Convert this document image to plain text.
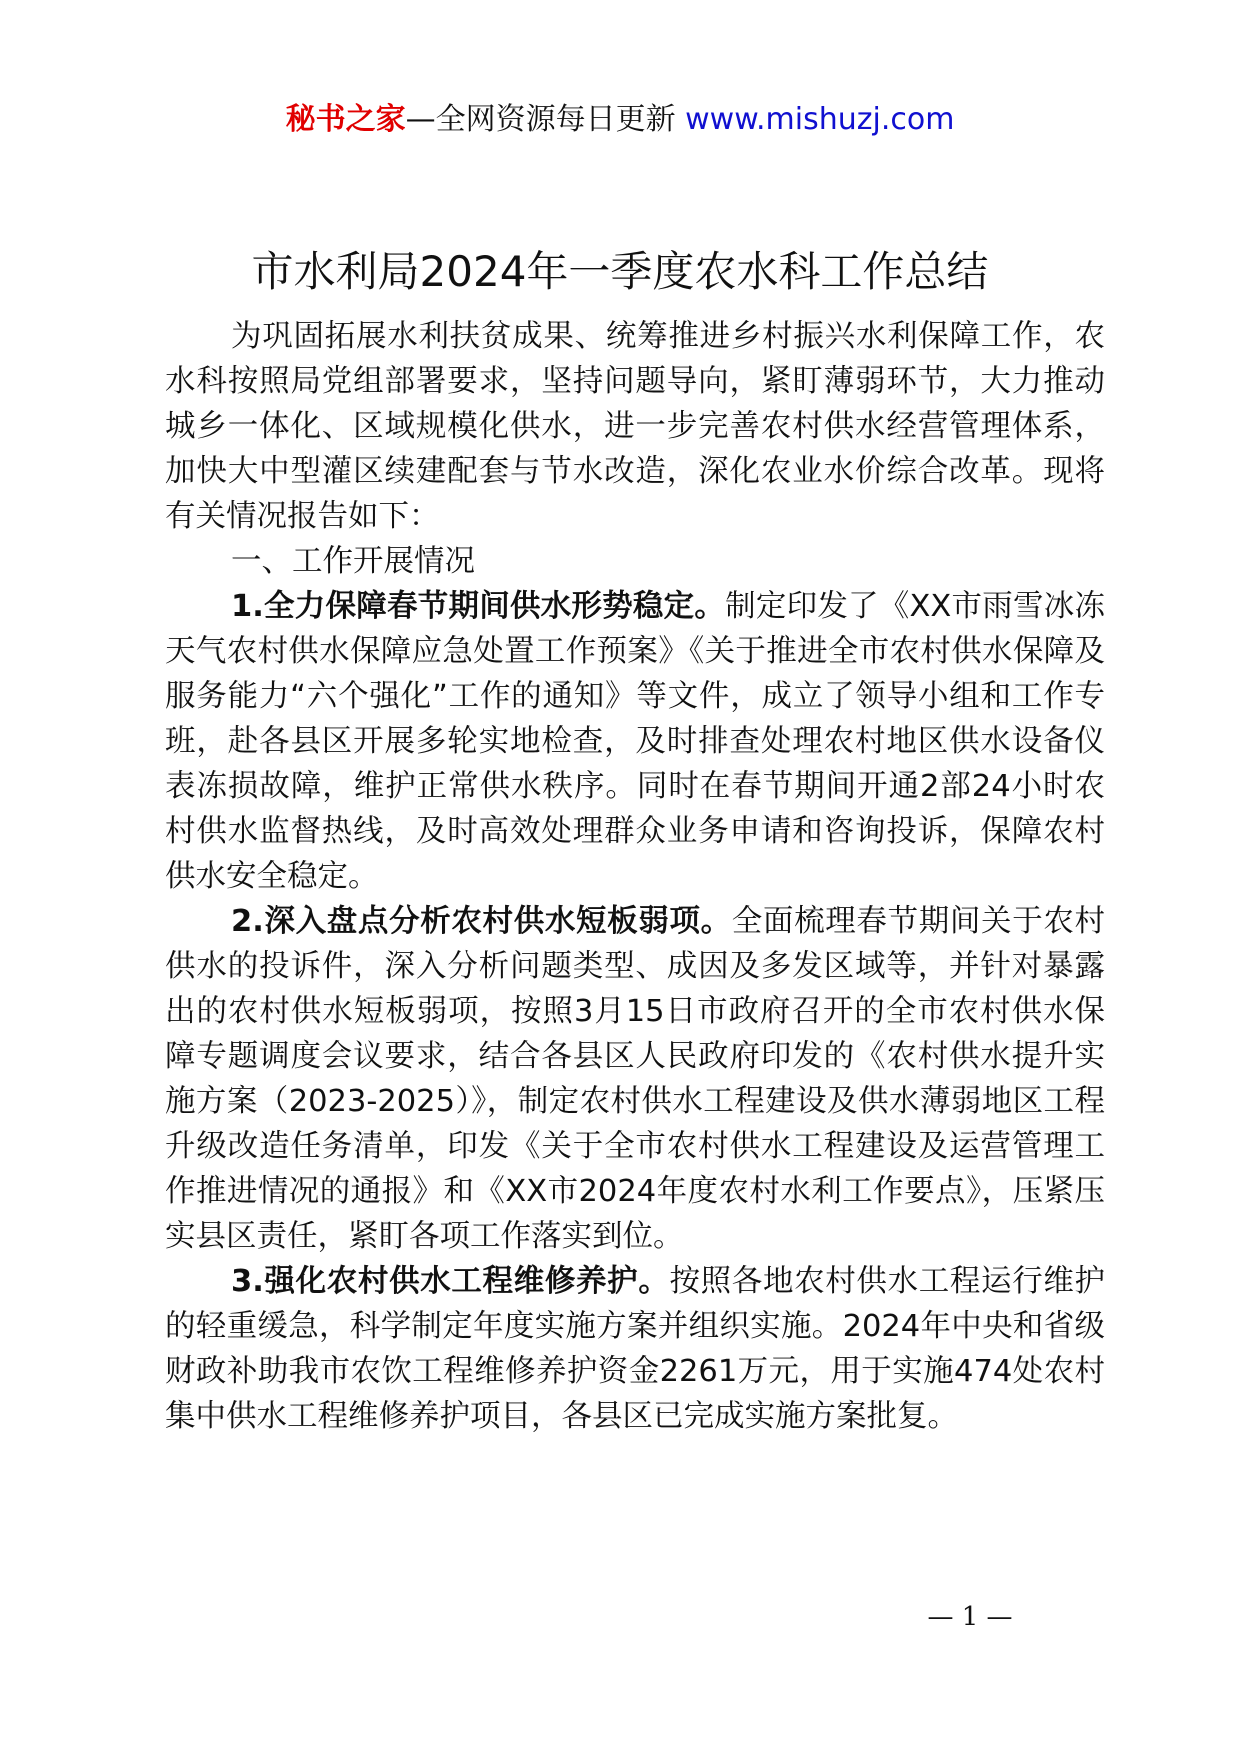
秘书之家—全网资源每日更新 www.mishuzj.com
市水利局2024年一季度农水科工作总结

为巩固拓展水利扶贫成果、统筹推进乡村振兴水利保障工作，农水科按照局党组部署要求，坚持问题导向，紧盯薄弱环节，大力推动城乡一体化、区域规模化供水，进一步完善农村供水经营管理体系，加快大中型灌区续建配套与节水改造，深化农业水价综合改革。现将有关情况报告如下：

一、工作开展情况

1.全力保障春节期间供水形势稳定。制定印发了《XX市雨雪冰冻天气农村供水保障应急处置工作预案》《关于推进全市农村供水保障及服务能力“六个强化”工作的通知》等文件，成立了领导小组和工作专班，赴各县区开展多轮实地检查，及时排查处理农村地区供水设备仪表冻损故障，维护正常供水秩序。同时在春节期间开通2部24小时农村供水监督热线，及时高效处理群众业务申请和咨询投诉，保障农村供水安全稳定。

2.深入盘点分析农村供水短板弱项。全面梳理春节期间关于农村供水的投诉件，深入分析问题类型、成因及多发区域等，并针对暴露出的农村供水短板弱项，按照3月15日市政府召开的全市农村供水保障专题调度会议要求，结合各县区人民政府印发的《农村供水提升实施方案（2023-2025）》，制定农村供水工程建设及供水薄弱地区工程升级改造任务清单，印发《关于全市农村供水工程建设及运营管理工作推进情况的通报》和《XX市2024年度农村水利工作要点》，压紧压实县区责任，紧盯各项工作落实到位。

3.强化农村供水工程维修养护。按照各地农村供水工程运行维护的轻重缓急，科学制定年度实施方案并组织实施。2024年中央和省级财政补助我市农饮工程维修养护资金2261万元，用于实施474处农村集中供水工程维修养护项目，各县区已完成实施方案批复。

— 1 —
